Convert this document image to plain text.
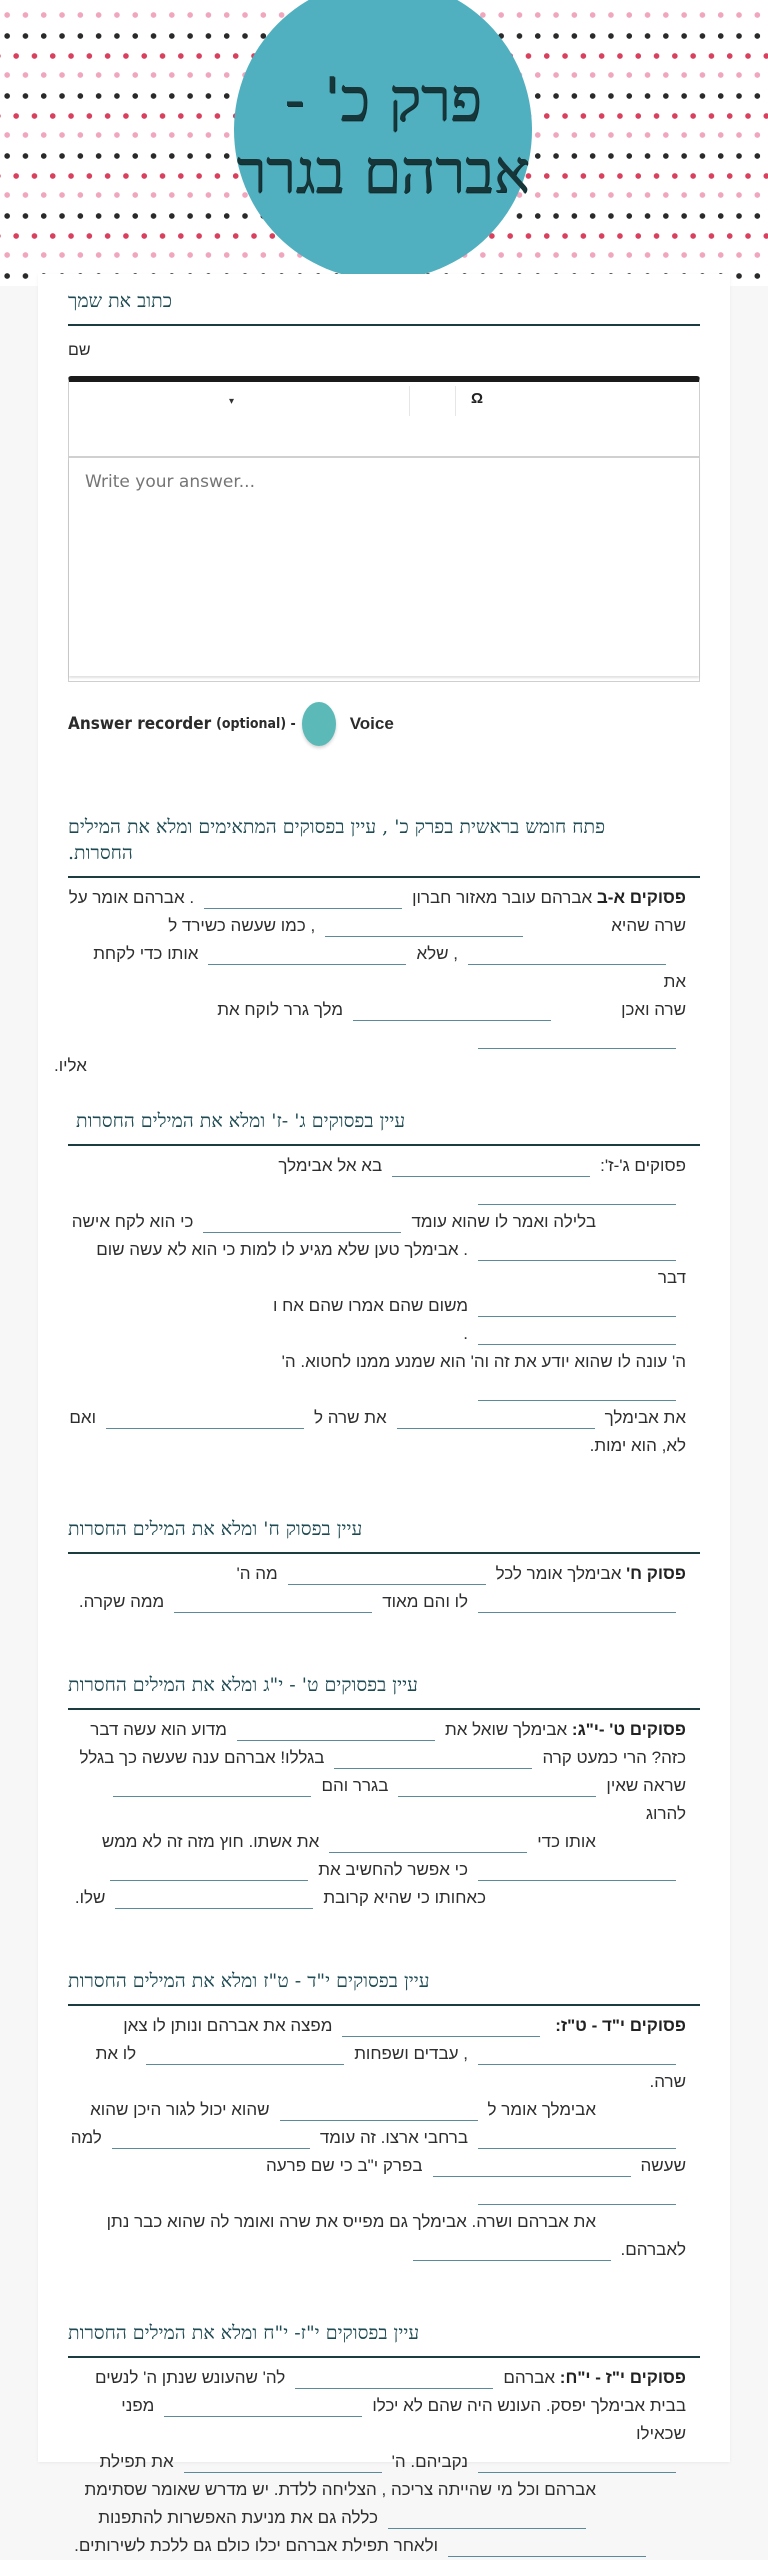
פרק כ' -
אברהם בגרר
כתוב את שמך
שם
▾	Ω
Write your answer...
Answer recorder (optional) -	Voice
פתח חומש בראשית בפרק כ' , עיין בפסוקים המתאימים ומלא את המילים החסרות.
פסוקים א-ב אברהם עובר מאזור חברון. אברהם אומר על
שרה שהיא, כמו שעשה כשירד ל
, שלאאותו כדי לקחת את
שרה ואכןמלך גרר לוקח את

אליו.
עיין בפסוקים ג' -ז' ומלא את המילים החסרות
פסוקים ג'-ז':בא אל אבימלך
בלילה ואמר לו שהוא עומדכי הוא לקח אישה
. אבימלך טען שלא מגיע לו למות כי הוא לא עשה שום דבר
משום שהם אמרו שהם אח ו.
ה' עונה לו שהוא יודע את זה וה' הוא שמנע ממנו לחטוא. ה'
את אבימלךאת שרה לואם
לא, הוא ימות.
עיין בפסוק ח' ומלא את המילים החסרות
פסוק ח' אבימלך אומר לכלמה ה'
לו והם מאודממה שקרה.
עיין בפסוקים ט' - י"ג ומלא את המילים החסרות
פסוקים ט' -י"ג: אבימלך שואל אתמדוע הוא עשה דבר
כזה? הרי כמעט קרהבגללו! אברהם ענה שעשה כך בגלל
שראה שאיןבגרר והםלהרוג
אותו כדיאת אשתו. חוץ מזה זה לא ממש
כי אפשר להחשיב את
כאחותו כי שהיא קרובתשלו.
עיין בפסוקים י"ד - ט"ז ומלא את המילים החסרות
פסוקים י"ד - ט"ז: מפצה את אברהם ונותן לו צאן
, עבדים ושפחותלו את שרה.
אבימלך אומר לשהוא יכול לגור היכן שהוא
ברחבי ארצו. זה עומדלמה
שעשהבפרק י"ב כי שם פרעה
את אברהם ושרה. אבימלך גם מפייס את שרה ואומר לה שהוא כבר נתן
לאברהם.
עיין בפסוקים י"ז- י"ח ומלא את המילים החסרות
פסוקים י"ז - י"ח: אברהםלה' שהעונש שנתן ה' לנשים
בבית אבימלך יפסק. העונש היה שהם לא יכלומפני שכאילו
נקביהם. ה'את תפילת
אברהם וכל מי שהייתה צריכה , הצליחה ללדת. יש מדרש שאומר שסתימת
כללה גם את מניעת האפשרות להתפנות
ולאחר תפילת אברהם יכלו כולם גם ללכת לשירותים.
